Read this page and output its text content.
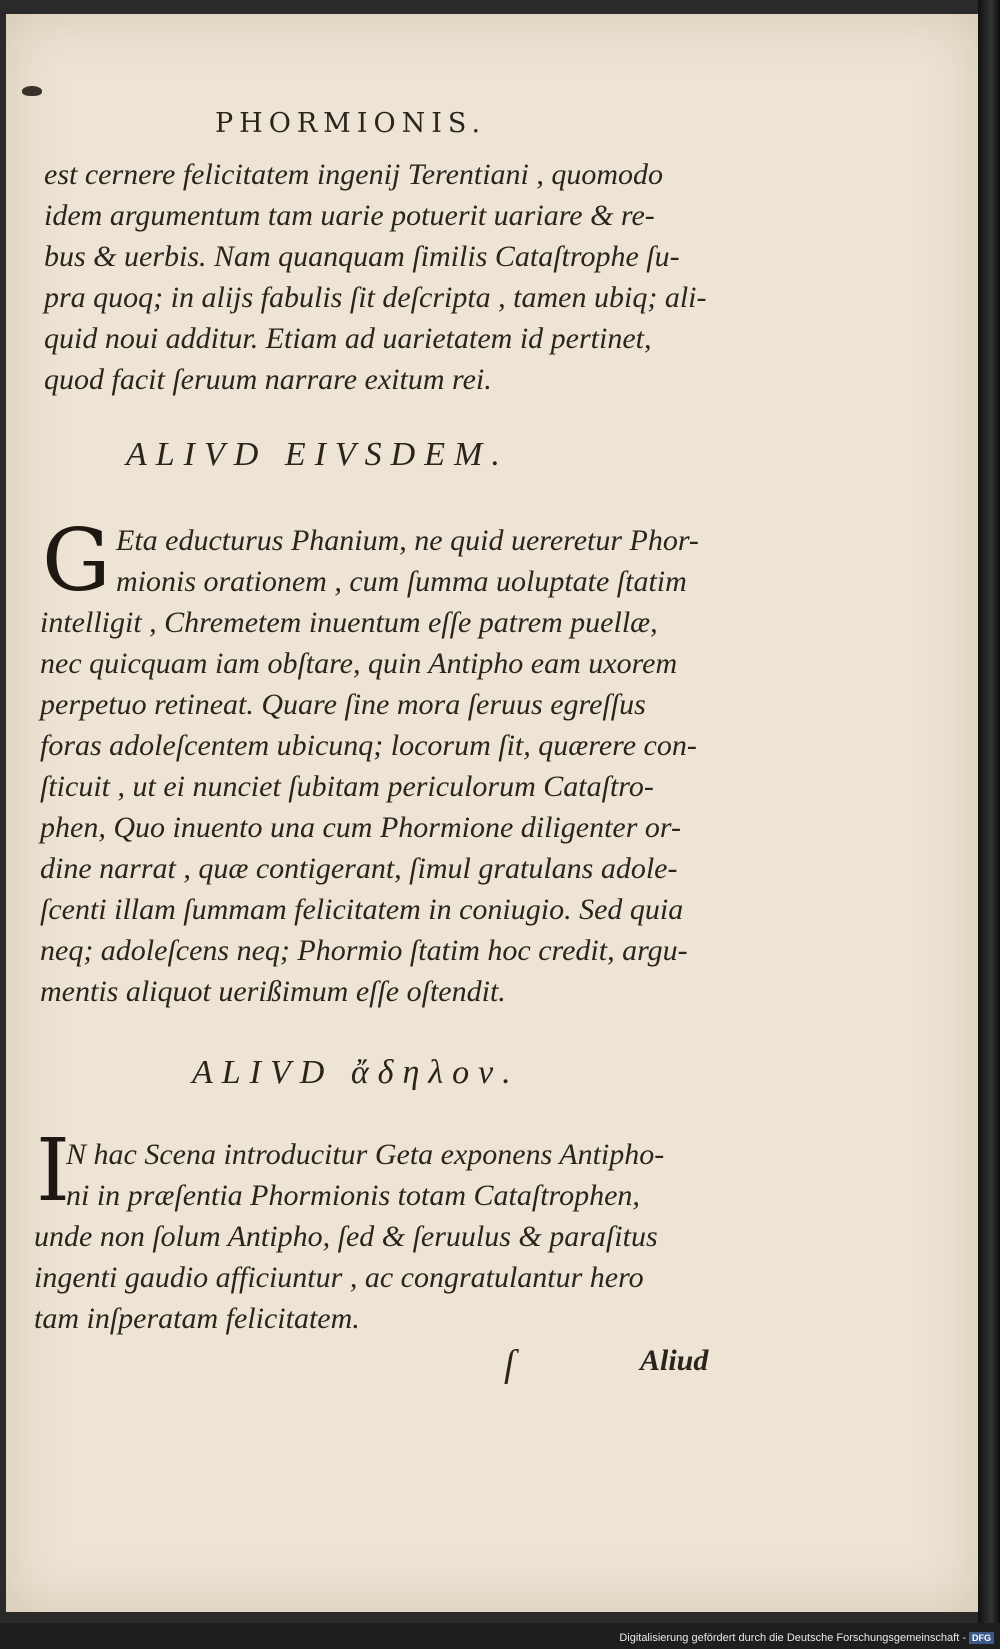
PHORMIONIS.
est cernere felicitatem ingenij Terentiani , quomodo
idem argumentum tam uarie potuerit uariare & re-
bus & uerbis. Nam quanquam ſimilis Cataſtrophe ſu-
pra quoq; in alijs fabulis ſit deſcripta , tamen ubiq; ali-
quid noui additur. Etiam ad uarietatem id pertinet,
quod facit ſeruum narrare exitum rei.
ALIVD EIVSDEM.
G Eta educturus Phanium, ne quid uereretur Phor-
mionis orationem , cum ſumma uoluptate ſtatim
intelligit , Chremetem inuentum eſſe patrem puellæ,
nec quicquam iam obſtare, quin Antipho eam uxorem
perpetuo retineat. Quare ſine mora ſeruus egreſſus
foras adoleſcentem ubicunq; locorum ſit, quærere con-
ſticuit , ut ei nunciet ſubitam periculorum Cataſtro-
phen, Quo inuento una cum Phormione diligenter or-
dine narrat , quæ contigerant, ſimul gratulans adole-
ſcenti illam ſummam felicitatem in coniugio. Sed quia
neq; adoleſcens neq; Phormio ſtatim hoc credit, argu-
mentis aliquot uerißimum eſſe oſtendit.
ALIVD ἄδηλον.
I
N hac Scena introducitur Geta exponens Antipho-
ni in præſentia Phormionis totam Cataſtrophen,
unde non ſolum Antipho, ſed & ſeruulus & paraſitus
ingenti gaudio afficiuntur , ac congratulantur hero
tam inſperatam felicitatem.
ſ	Aliud
Digitalisierung gefördert durch die Deutsche Forschungsgemeinschaft - DFG
